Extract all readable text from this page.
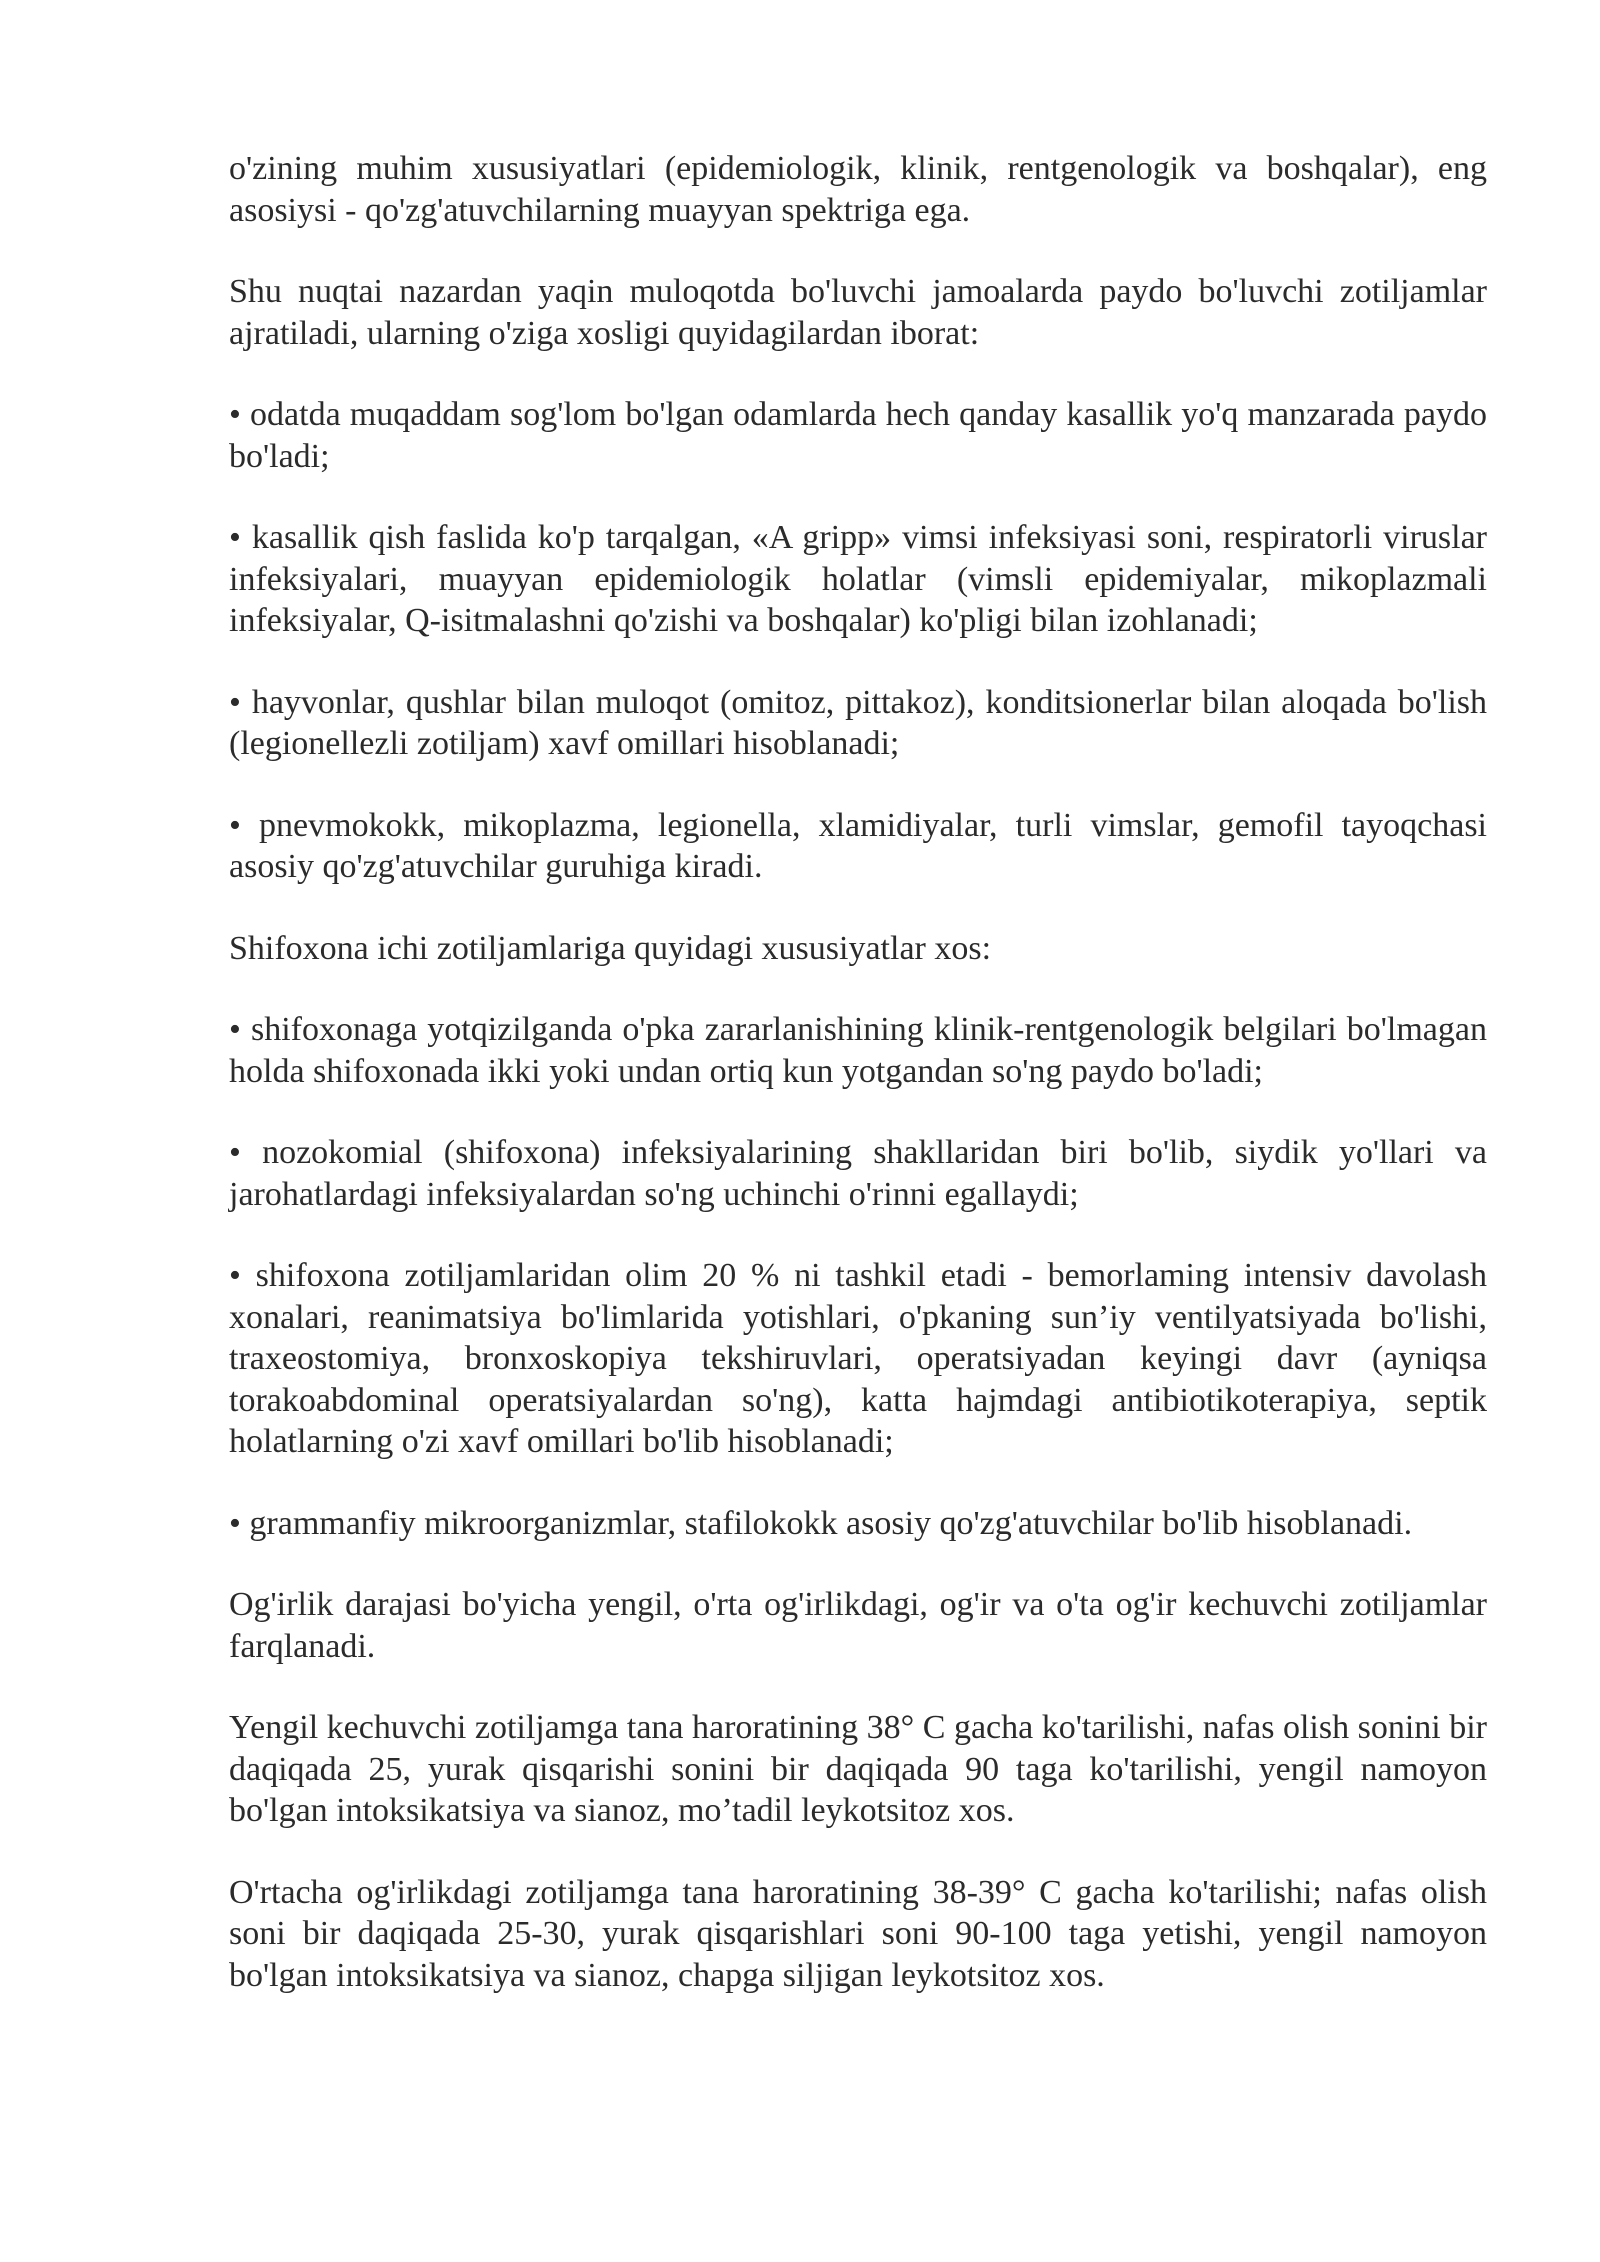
o'zining muhim xususiyatlari (epidemiologik, klinik, rentgenologik va boshqalar), eng asosiysi - qo'zg'atuvchilarning muayyan spektriga ega.

Shu nuqtai nazardan yaqin muloqotda bo'luvchi jamoalarda paydo bo'luvchi zotiljamlar ajratiladi, ularning o'ziga xosligi quyidagilardan iborat:

• odatda muqaddam sog'lom bo'lgan odamlarda hech qanday kasallik yo'q manzarada paydo bo'ladi;

• kasallik qish faslida ko'p tarqalgan, «A gripp» vimsi infeksiyasi soni, respiratorli viruslar infeksiyalari, muayyan epidemiologik holatlar (vimsli epidemiyalar, mikoplazmali infeksiyalar, Q-isitmalashni qo'zishi va boshqalar) ko'pligi bilan izohlanadi;

• hayvonlar, qushlar bilan muloqot (omitoz, pittakoz), konditsionerlar bilan aloqada bo'lish (legionellezli zotiljam) xavf omillari hisoblanadi;

• pnevmokokk, mikoplazma, legionella, xlamidiyalar, turli vimslar, gemofil tayoqchasi asosiy qo'zg'atuvchilar guruhiga kiradi.

Shifoxona ichi zotiljamlariga quyidagi xususiyatlar xos:

• shifoxonaga yotqizilganda o'pka zararlanishining klinik-rentgenologik belgilari bo'lmagan holda shifoxonada ikki yoki undan ortiq kun yotgandan so'ng paydo bo'ladi;

• nozokomial (shifoxona) infeksiyalarining shakllaridan biri bo'lib, siydik yo'llari va jarohatlardagi infeksiyalardan so'ng uchinchi o'rinni egallaydi;

• shifoxona zotiljamlaridan olim 20 % ni tashkil etadi - bemorlaming intensiv davolash xonalari, reanimatsiya bo'limlarida yotishlari, o'pkaning sun’iy ventilyatsiyada bo'lishi, traxeostomiya, bronxoskopiya tekshiruvlari, operatsiyadan keyingi davr (ayniqsa torakoabdominal operatsiyalardan so'ng), katta hajmdagi antibiotikoterapiya, septik holatlarning o'zi xavf omillari bo'lib hisoblanadi;

• grammanfiy mikroorganizmlar, stafilokokk asosiy qo'zg'atuvchilar bo'lib hisoblanadi.

Og'irlik darajasi bo'yicha yengil, o'rta og'irlikdagi, og'ir va o'ta og'ir kechuvchi zotiljamlar farqlanadi.

Yengil kechuvchi zotiljamga tana haroratining 38° C gacha ko'tarilishi, nafas olish sonini bir daqiqada 25, yurak qisqarishi sonini bir daqiqada 90 taga ko'tarilishi, yengil namoyon bo'lgan intoksikatsiya va sianoz, mo’tadil leykotsitoz xos.

O'rtacha og'irlikdagi zotiljamga tana haroratining 38-39° C gacha ko'tarilishi; nafas olish soni bir daqiqada 25-30, yurak qisqarishlari soni 90-100 taga yetishi, yengil namoyon bo'lgan intoksikatsiya va sianoz, chapga siljigan leykotsitoz xos.
